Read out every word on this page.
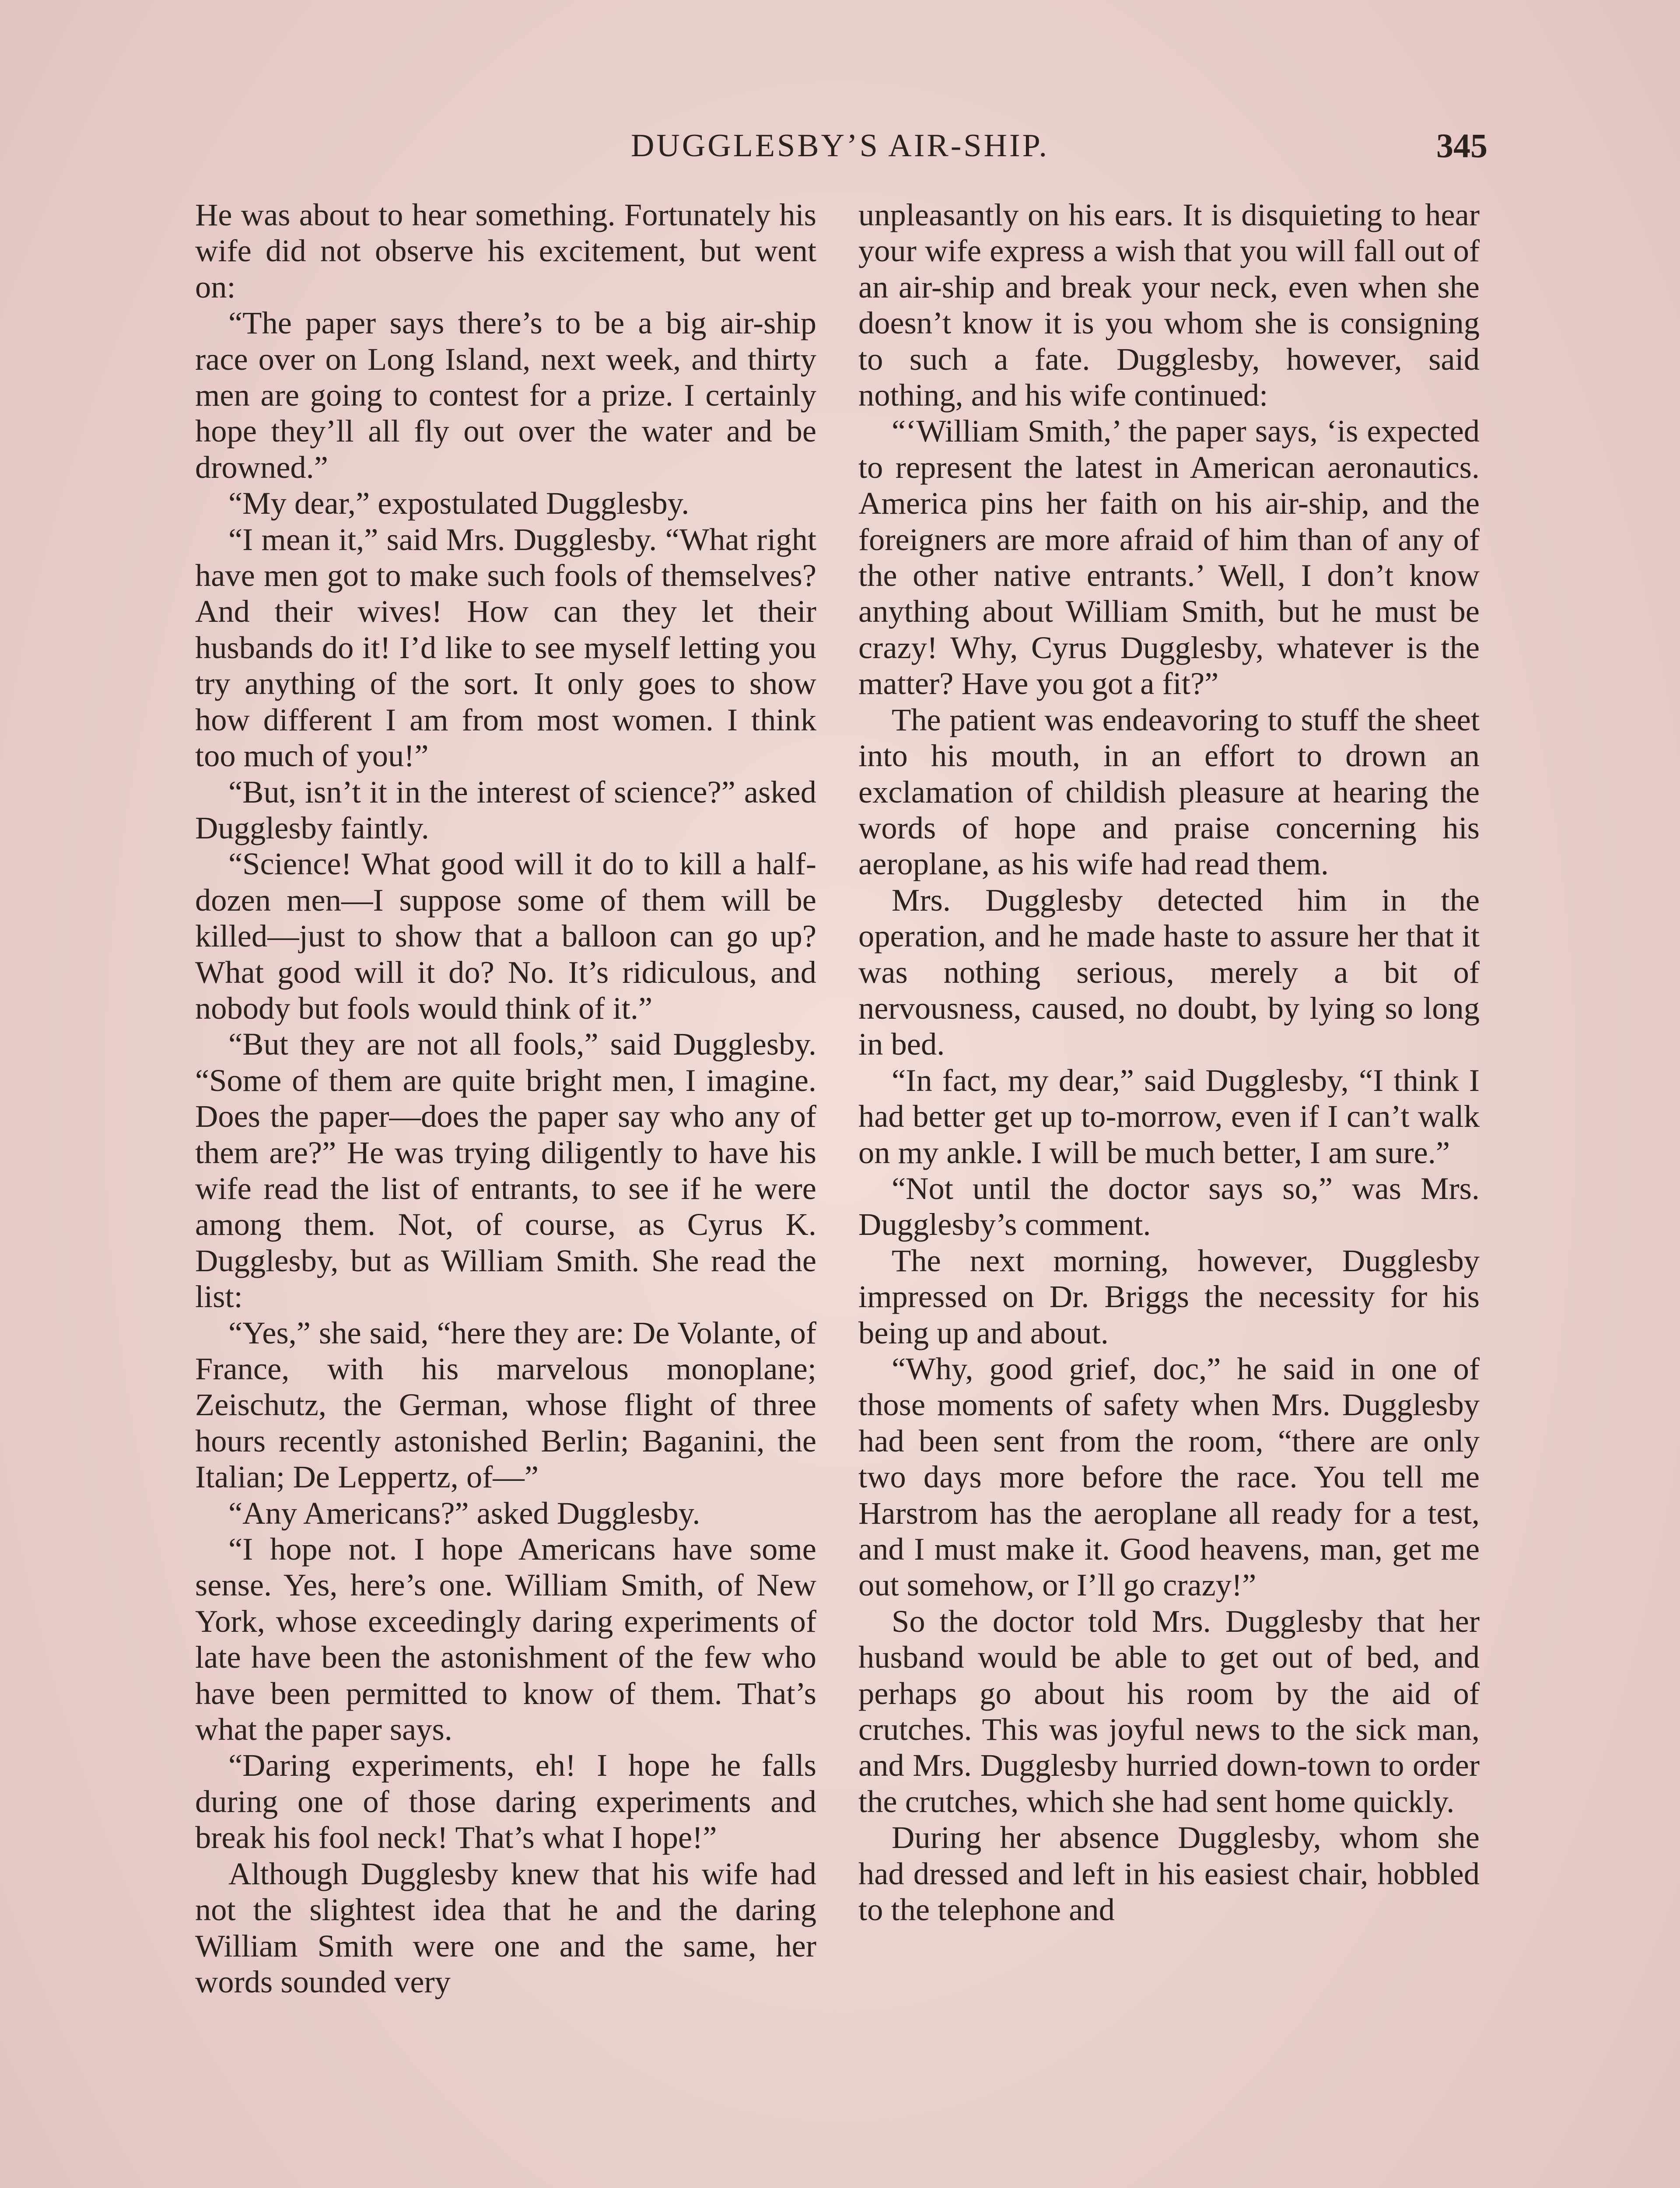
DUGGLESBY’S AIR-SHIP.	345

He was about to hear something. Fortunately his wife did not observe his excitement, but went on:

“The paper says there’s to be a big air-ship race over on Long Island, next week, and thirty men are going to contest for a prize. I certainly hope they’ll all fly out over the water and be drowned.”

“My dear,” expostulated Dugglesby.

“I mean it,” said Mrs. Dugglesby. “What right have men got to make such fools of themselves? And their wives! How can they let their husbands do it! I’d like to see myself letting you try anything of the sort. It only goes to show how different I am from most women. I think too much of you!”

“But, isn’t it in the interest of science?” asked Dugglesby faintly.

“Science! What good will it do to kill a half-dozen men—I suppose some of them will be killed—just to show that a balloon can go up? What good will it do? No. It’s ridiculous, and nobody but fools would think of it.”

“But they are not all fools,” said Dugglesby. “Some of them are quite bright men, I imagine. Does the paper—does the paper say who any of them are?” He was trying diligently to have his wife read the list of entrants, to see if he were among them. Not, of course, as Cyrus K. Dugglesby, but as William Smith. She read the list:

“Yes,” she said, “here they are: De Volante, of France, with his marvelous monoplane; Zeischutz, the German, whose flight of three hours recently astonished Berlin; Baganini, the Italian; De Leppertz, of—”

“Any Americans?” asked Dugglesby.

“I hope not. I hope Americans have some sense. Yes, here’s one. William Smith, of New York, whose exceedingly daring experiments of late have been the astonishment of the few who have been permitted to know of them. That’s what the paper says.

“Daring experiments, eh! I hope he falls during one of those daring experiments and break his fool neck! That’s what I hope!”

Although Dugglesby knew that his wife had not the slightest idea that he and the daring William Smith were one and the same, her words sounded very

unpleasantly on his ears. It is disquieting to hear your wife express a wish that you will fall out of an air-ship and break your neck, even when she doesn’t know it is you whom she is consigning to such a fate. Dugglesby, however, said nothing, and his wife continued:

“‘William Smith,’ the paper says, ‘is expected to represent the latest in American aeronautics. America pins her faith on his air-ship, and the foreigners are more afraid of him than of any of the other native entrants.’ Well, I don’t know anything about William Smith, but he must be crazy! Why, Cyrus Dugglesby, whatever is the matter? Have you got a fit?”

The patient was endeavoring to stuff the sheet into his mouth, in an effort to drown an exclamation of childish pleasure at hearing the words of hope and praise concerning his aeroplane, as his wife had read them.

Mrs. Dugglesby detected him in the operation, and he made haste to assure her that it was nothing serious, merely a bit of nervousness, caused, no doubt, by lying so long in bed.

“In fact, my dear,” said Dugglesby, “I think I had better get up to-morrow, even if I can’t walk on my ankle. I will be much better, I am sure.”

“Not until the doctor says so,” was Mrs. Dugglesby’s comment.

The next morning, however, Dugglesby impressed on Dr. Briggs the necessity for his being up and about.

“Why, good grief, doc,” he said in one of those moments of safety when Mrs. Dugglesby had been sent from the room, “there are only two days more before the race. You tell me Harstrom has the aeroplane all ready for a test, and I must make it. Good heavens, man, get me out somehow, or I’ll go crazy!”

So the doctor told Mrs. Dugglesby that her husband would be able to get out of bed, and perhaps go about his room by the aid of crutches. This was joyful news to the sick man, and Mrs. Dugglesby hurried down-town to order the crutches, which she had sent home quickly.

During her absence Dugglesby, whom she had dressed and left in his easiest chair, hobbled to the telephone and
